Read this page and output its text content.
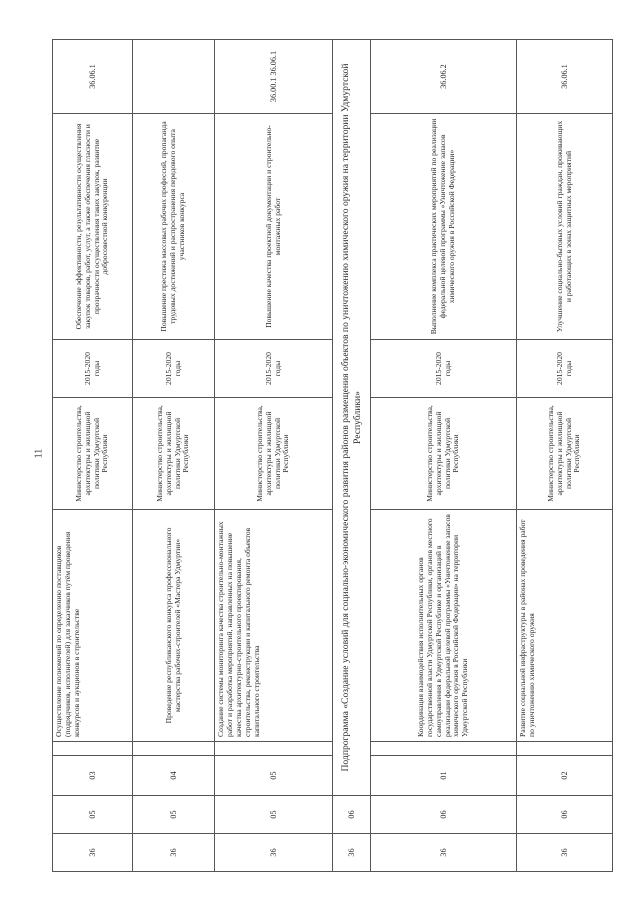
11
36	05	03		Осуществление полномочий по определению поставщиков (подрядчиков, исполнителей) для заказчиков путём проведения конкурсов и аукционов в строительстве	Министерство строительства, архитектуры и жилищной политики Удмуртской Республики	2015-2020 годы	Обеспечение эффективности, результативности осуществления закупок товаров, работ, услуг, а также обеспечения гласности и прозрачности осуществления таких закупок, развитие добросовестной конкуренции	36.06.1
36	05	04		Проведение республиканского конкурса профессионального мастерства рабочих-строителей «Мастера Удмуртии»	Министерство строительства, архитектуры и жилищной политики Удмуртской Республики	2015-2020 годы	Повышение престижа массовых рабочих профессий, пропаганда трудовых достижений и распространения передового опыта участников конкурса	
36	05	05		Создание системы мониторинга качества строительно-монтажных работ и разработка мероприятий, направленных на повышение качества архитектурно-строительного проектирования, строительства, реконструкции и капитального ремонта объектов капитального строительства	Министерство строительства, архитектуры и жилищной политики Удмуртской Республики	2015-2020 годы	Повышение качества проектной документации и строительно-монтажных работ	36.00.1 36.06.1
36	06	Подпрограмма «Создание условий для социально-экономического развития районов размещения объектов по уничтожению химического оружия на территории Удмуртской Республики»						
36	06	01		Координация взаимодействия исполнительных органов государственной власти Удмуртской Республики, органов местного самоуправления в Удмуртской Республике и организаций в реализации федеральной целевой программы «Уничтожение запасов химического оружия в Российской Федерации» на территории Удмуртской Республики	Министерство строительства, архитектуры и жилищной политики Удмуртской Республики	2015-2020 годы	Выполнение комплекса практических мероприятий по реализации федеральной целевой программы «Уничтожение запасов химического оружия в Российской Федерации»	36.06.2
36	06	02		Развитие социальной инфраструктуры в районах проведения работ по уничтожению химического оружия	Министерство строительства, архитектуры и жилищной политики Удмуртской Республики	2015-2020 годы	Улучшение социально-бытовых условий граждан, проживающих и работающих в зонах защитных мероприятий	36.06.1
